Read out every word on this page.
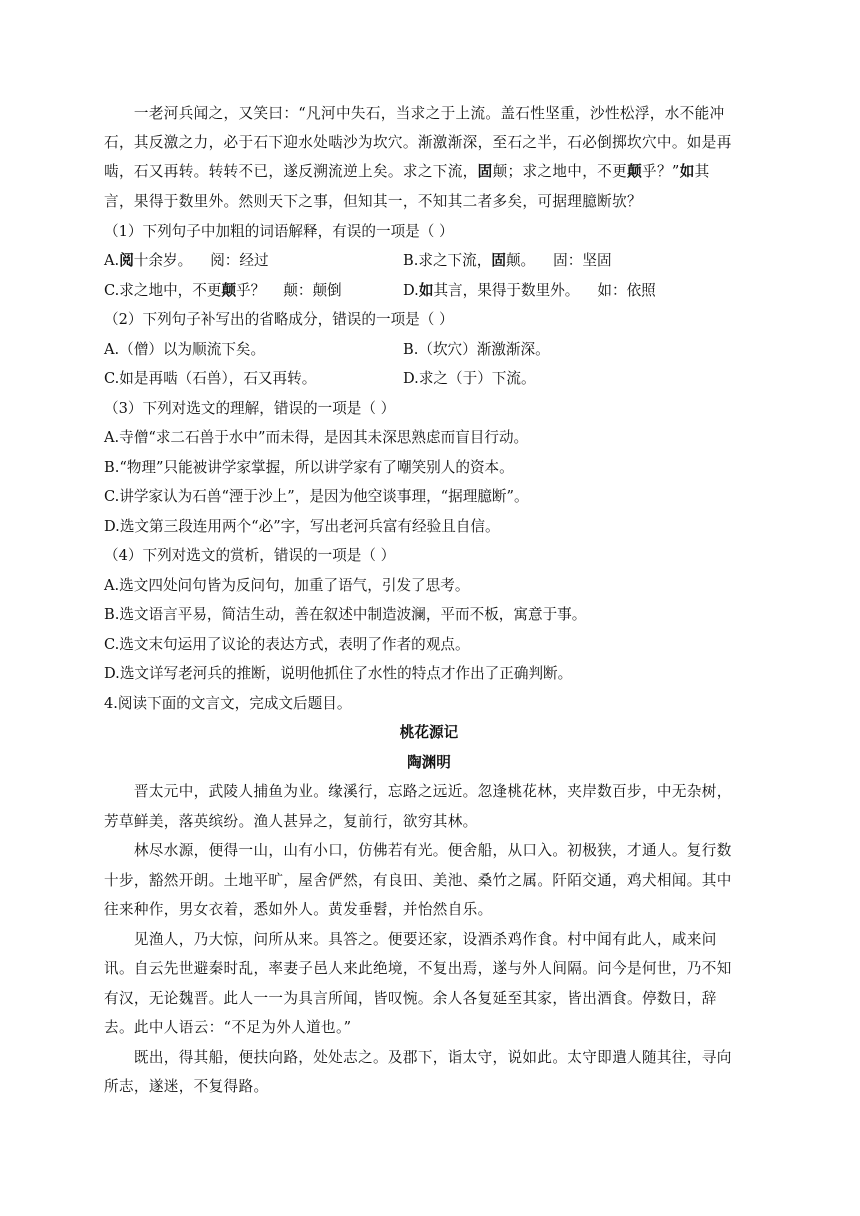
　　一老河兵闻之，又笑曰：“凡河中失石，当求之于上流。盖石性坚重，沙性松浮，水不能冲
石，其反激之力，必于石下迎水处啮沙为坎穴。渐激渐深，至石之半，石必倒掷坎穴中。如是再
啮，石又再转。转转不已，遂反溯流逆上矣。求之下流，固颠；求之地中，不更颠乎？”如其
言，果得于数里外。然则天下之事，但知其一，不知其二者多矣，可据理臆断欤？
（1）下列句子中加粗的词语解释，有误的一项是（ ）
A.阅十余岁。 阅：经过	B.求之下流，固颠。 固：坚固
C.求之地中，不更颠乎？ 颠：颠倒	D.如其言，果得于数里外。 如：依照
（2）下列句子补写出的省略成分，错误的一项是（ ）
A.（僧）以为顺流下矣。	B.（坎穴）渐激渐深。
C.如是再啮（石兽），石又再转。	D.求之（于）下流。
（3）下列对选文的理解，错误的一项是（ ）
A.寺僧“求二石兽于水中”而未得，是因其未深思熟虑而盲目行动。
B.“物理”只能被讲学家掌握，所以讲学家有了嘲笑别人的资本。
C.讲学家认为石兽“湮于沙上”，是因为他空谈事理，“据理臆断”。
D.选文第三段连用两个“必”字，写出老河兵富有经验且自信。
（4）下列对选文的赏析，错误的一项是（ ）
A.选文四处问句皆为反问句，加重了语气，引发了思考。
B.选文语言平易，简洁生动，善在叙述中制造波澜，平而不板，寓意于事。
C.选文末句运用了议论的表达方式，表明了作者的观点。
D.选文详写老河兵的推断，说明他抓住了水性的特点才作出了正确判断。
4.阅读下面的文言文，完成文后题目。
桃花源记
陶渊明
　　晋太元中，武陵人捕鱼为业。缘溪行，忘路之远近。忽逢桃花林，夹岸数百步，中无杂树，
芳草鲜美，落英缤纷。渔人甚异之，复前行，欲穷其林。
　　林尽水源，便得一山，山有小口，仿佛若有光。便舍船，从口入。初极狭，才通人。复行数
十步，豁然开朗。土地平旷，屋舍俨然，有良田、美池、桑竹之属。阡陌交通，鸡犬相闻。其中
往来种作，男女衣着，悉如外人。黄发垂髫，并怡然自乐。
　　见渔人，乃大惊，问所从来。具答之。便要还家，设酒杀鸡作食。村中闻有此人，咸来问
讯。自云先世避秦时乱，率妻子邑人来此绝境，不复出焉，遂与外人间隔。问今是何世，乃不知
有汉，无论魏晋。此人一一为具言所闻，皆叹惋。余人各复延至其家，皆出酒食。停数日，辞
去。此中人语云：“不足为外人道也。”
　　既出，得其船，便扶向路，处处志之。及郡下，诣太守，说如此。太守即遣人随其往，寻向
所志，遂迷，不复得路。
